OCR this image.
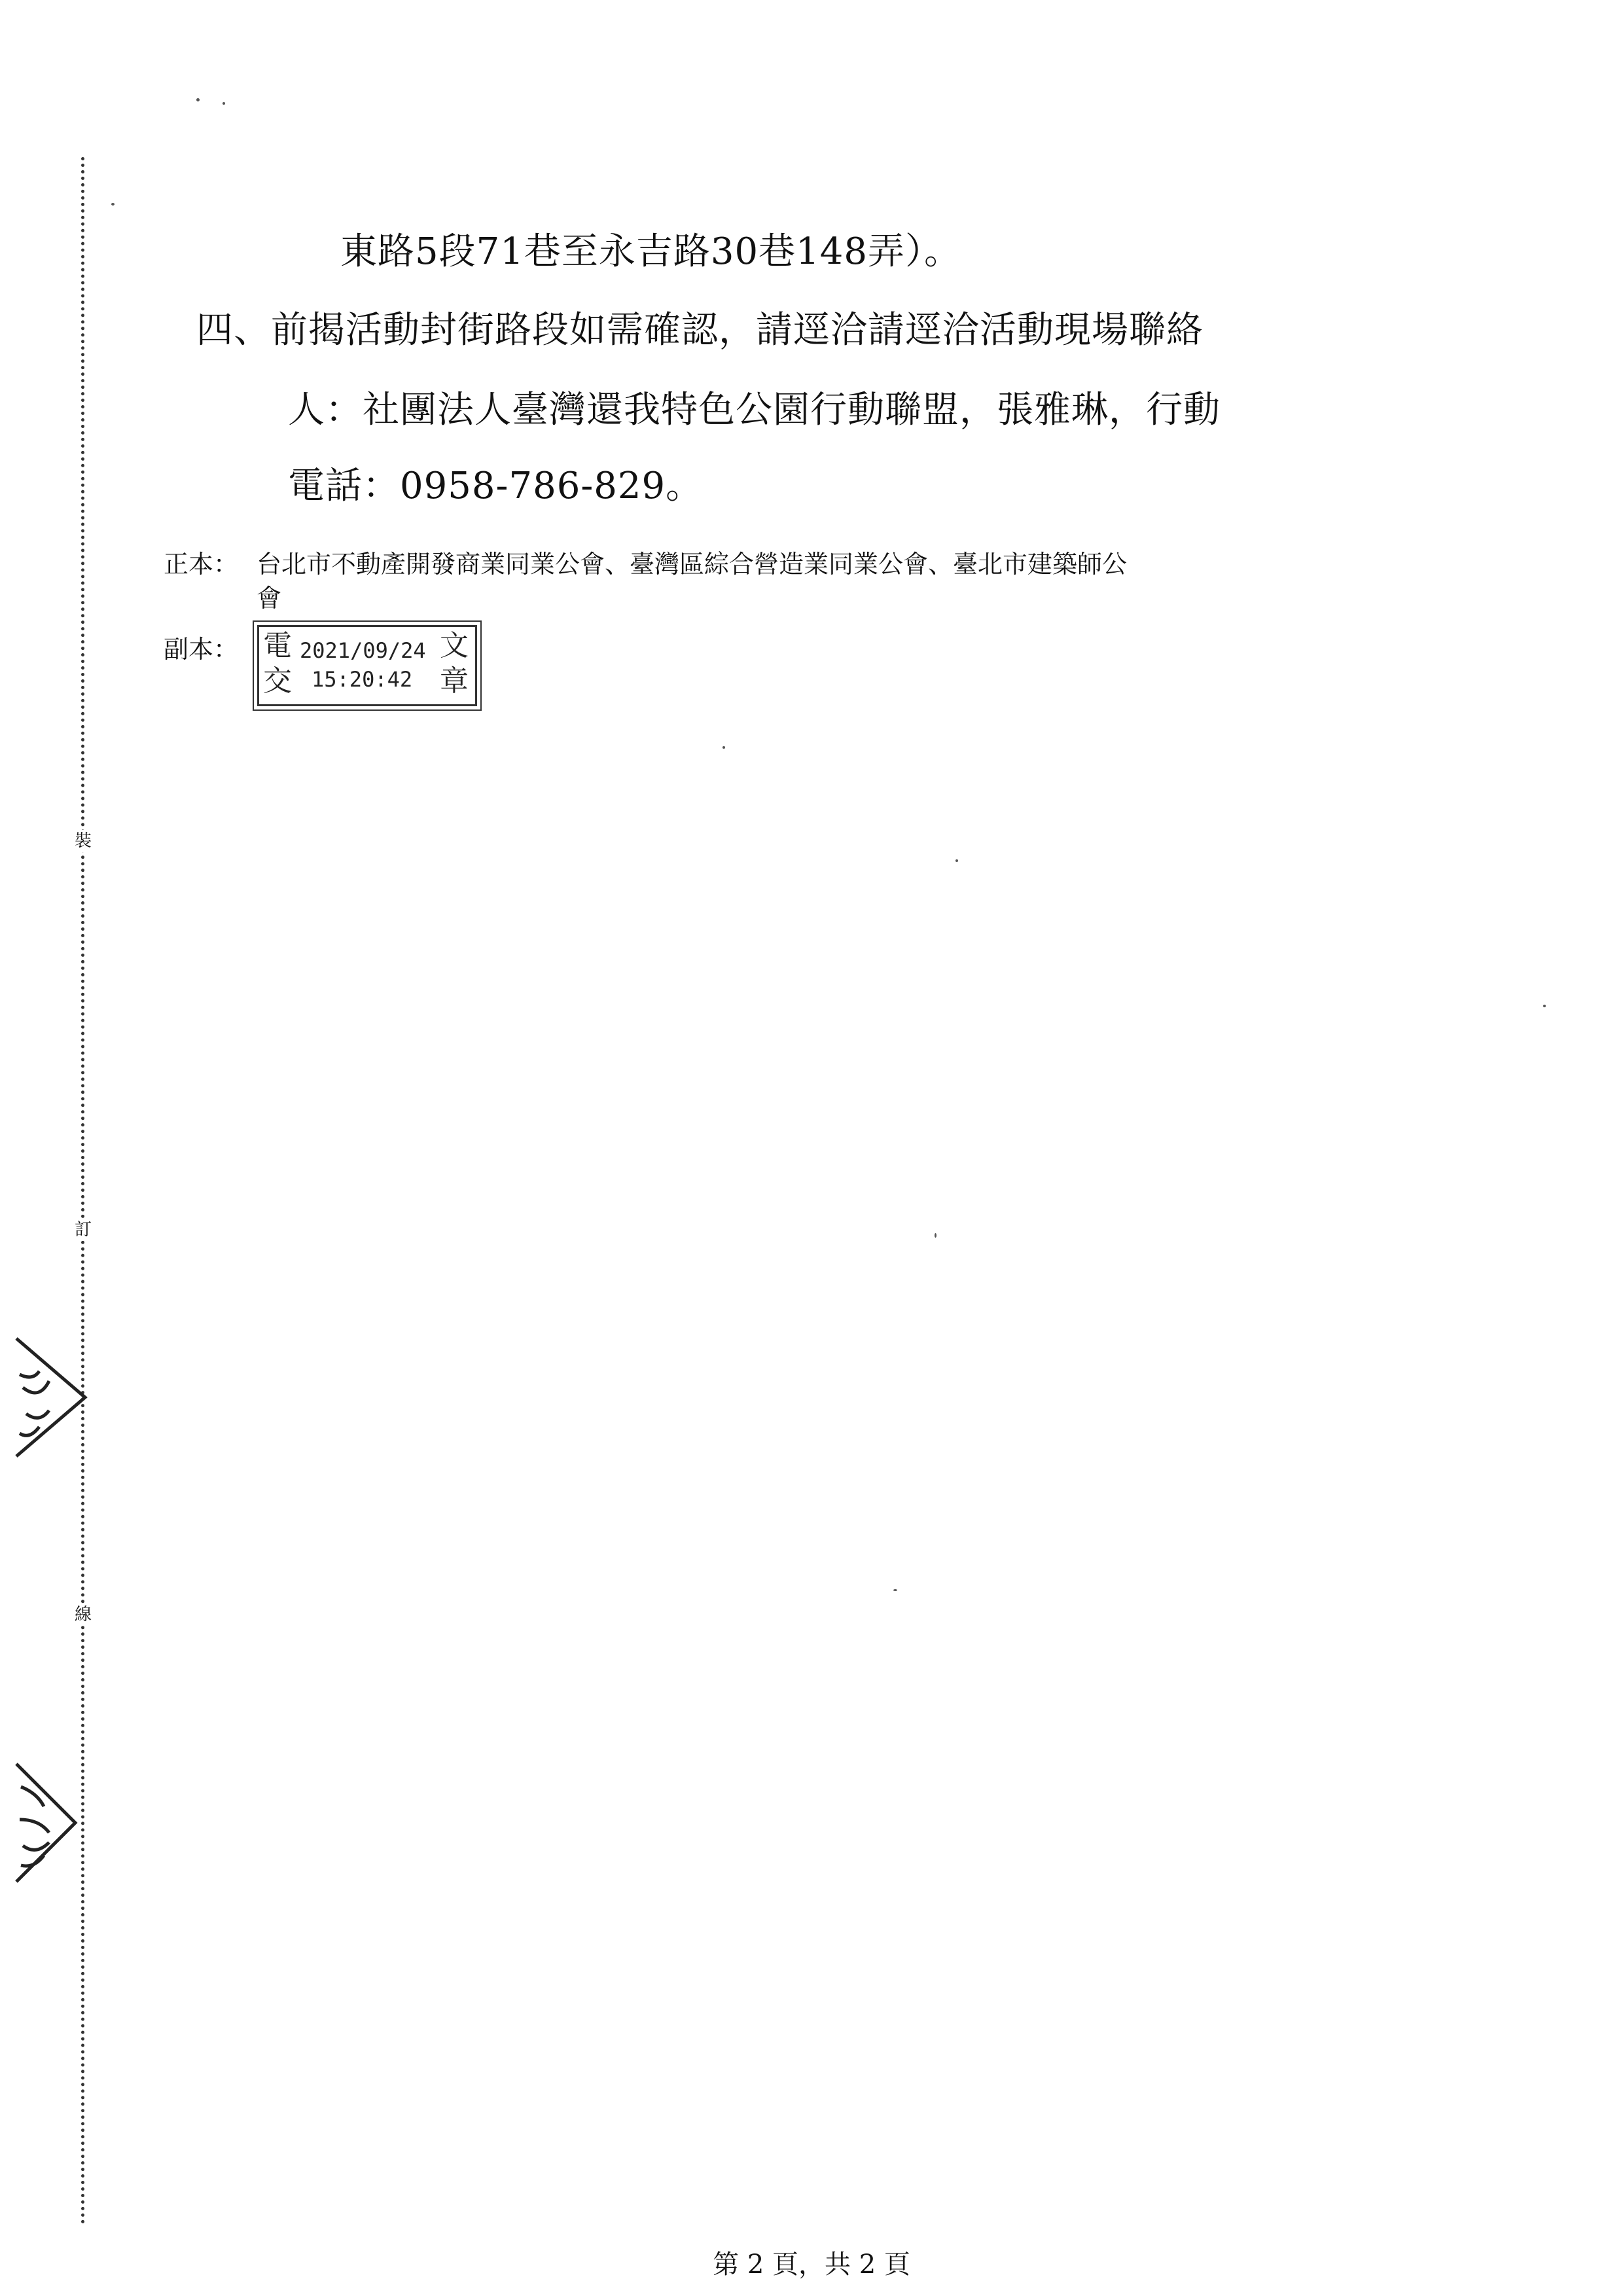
裝
訂
線
東路5段71巷至永吉路30巷148弄）。
四、前揭活動封街路段如需確認，請逕洽請逕洽活動現場聯絡
人：社團法人臺灣還我特色公園行動聯盟，張雅琳，行動
電話：0958-786-829。
正本： 台北市不動產開發商業同業公會、臺灣區綜合營造業同業公會、臺北市建築師公
會
副本： 電
交
文
章
2021/09/24
15:20:42
第 2 頁，共 2 頁
